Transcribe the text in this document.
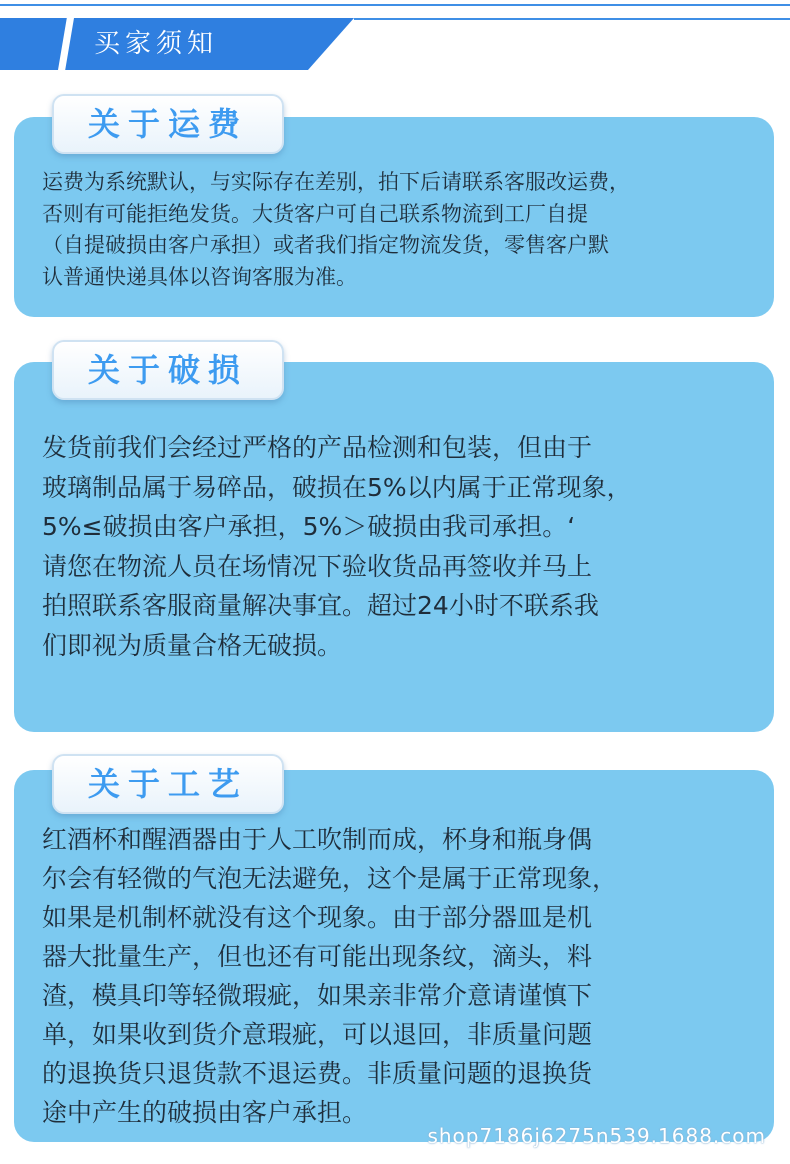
买家须知

运费为系统默认，与实际存在差别，拍下后请联系客服改运费，
否则有可能拒绝发货。大货客户可自己联系物流到工厂自提
（自提破损由客户承担）或者我们指定物流发货，零售客户默
认普通快递具体以咨询客服为准。

关于运费

发货前我们会经过严格的产品检测和包装，但由于
玻璃制品属于易碎品，破损在5%以内属于正常现象，
5%≤破损由客户承担，5%＞破损由我司承担。‘
请您在物流人员在场情况下验收货品再签收并马上
拍照联系客服商量解决事宜。超过24小时不联系我
们即视为质量合格无破损。

关于破损

红酒杯和醒酒器由于人工吹制而成，杯身和瓶身偶
尔会有轻微的气泡无法避免，这个是属于正常现象，
如果是机制杯就没有这个现象。由于部分器皿是机
器大批量生产，但也还有可能出现条纹，滴头，料
渣，模具印等轻微瑕疵，如果亲非常介意请谨慎下
单，如果收到货介意瑕疵，可以退回，非质量问题
的退换货只退货款不退运费。非质量问题的退换货
途中产生的破损由客户承担。

关于工艺
shop7186j6275n539.1688.com
